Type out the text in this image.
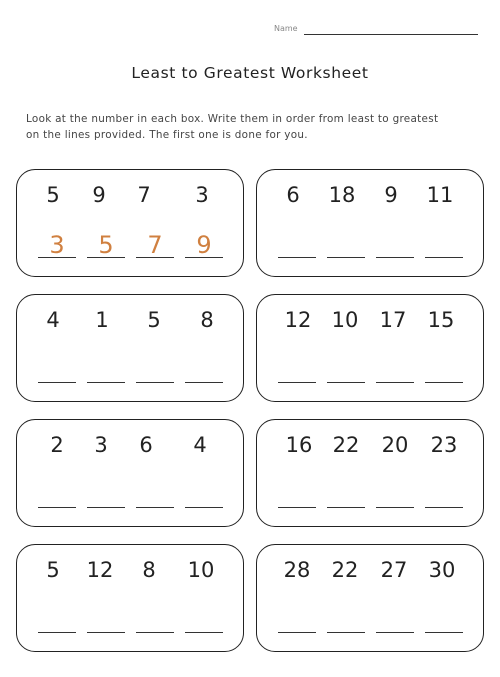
Name
Least to Greatest Worksheet
Look at the number in each box. Write them in order from least to greatest on the lines provided. The first one is done for you.
5	9	7	3
3	5	7	9
6	18	9	11
4	1	5	8	12 10	17	15
2	3	6	4	16 22	20	23
5	12	8	10	28	22	27	30
